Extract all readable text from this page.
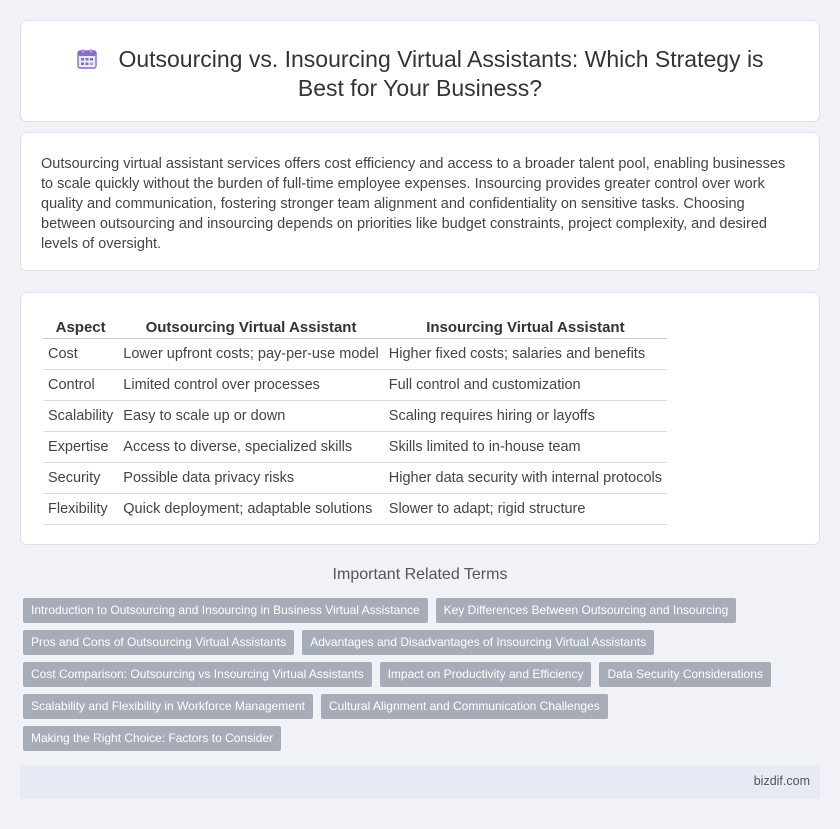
Outsourcing vs. Insourcing Virtual Assistants: Which Strategy is Best for Your Business?

Outsourcing virtual assistant services offers cost efficiency and access to a broader talent pool, enabling businesses to scale quickly without the burden of full-time employee expenses. Insourcing provides greater control over work quality and communication, fostering stronger team alignment and confidentiality on sensitive tasks. Choosing between outsourcing and insourcing depends on priorities like budget constraints, project complexity, and desired levels of oversight.

Aspect	Outsourcing Virtual Assistant	Insourcing Virtual Assistant
Cost	Lower upfront costs; pay-per-use model	Higher fixed costs; salaries and benefits
Control	Limited control over processes	Full control and customization
Scalability	Easy to scale up or down	Scaling requires hiring or layoffs
Expertise	Access to diverse, specialized skills	Skills limited to in-house team
Security	Possible data privacy risks	Higher data security with internal protocols
Flexibility	Quick deployment; adaptable solutions	Slower to adapt; rigid structure
Important Related Terms
Introduction to Outsourcing and Insourcing in Business Virtual Assistance	Key Differences Between Outsourcing and Insourcing
Pros and Cons of Outsourcing Virtual Assistants	Advantages and Disadvantages of Insourcing Virtual Assistants
Cost Comparison: Outsourcing vs Insourcing Virtual Assistants	Impact on Productivity and Efficiency	Data Security Considerations
Scalability and Flexibility in Workforce Management	Cultural Alignment and Communication Challenges
Making the Right Choice: Factors to Consider
bizdif.com
